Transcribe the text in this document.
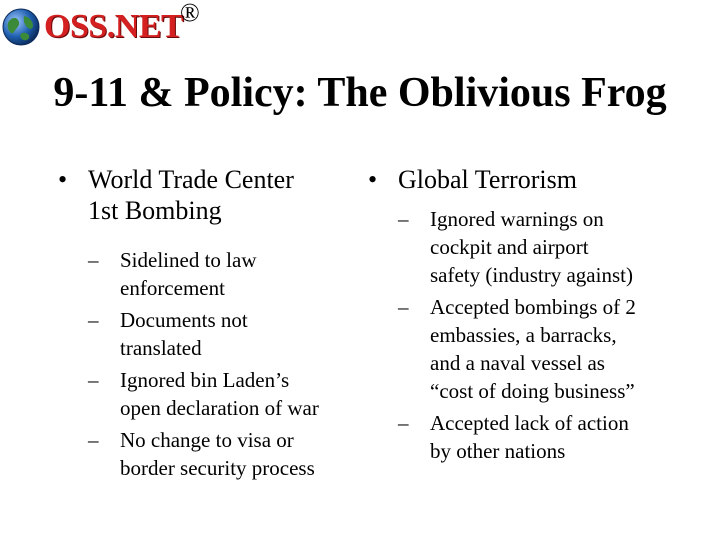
OSS.NET
®
9-11 & Policy: The Oblivious Frog
• World Trade Center
1st Bombing
– Sidelined to law
enforcement
– Documents not
translated
– Ignored bin Laden’s
open declaration of war
– No change to visa or
border security process
• Global Terrorism
– Ignored warnings on
cockpit and airport
safety (industry against)
– Accepted bombings of 2
embassies, a barracks,
and a naval vessel as
“cost of doing business”
– Accepted lack of action
by other nations
